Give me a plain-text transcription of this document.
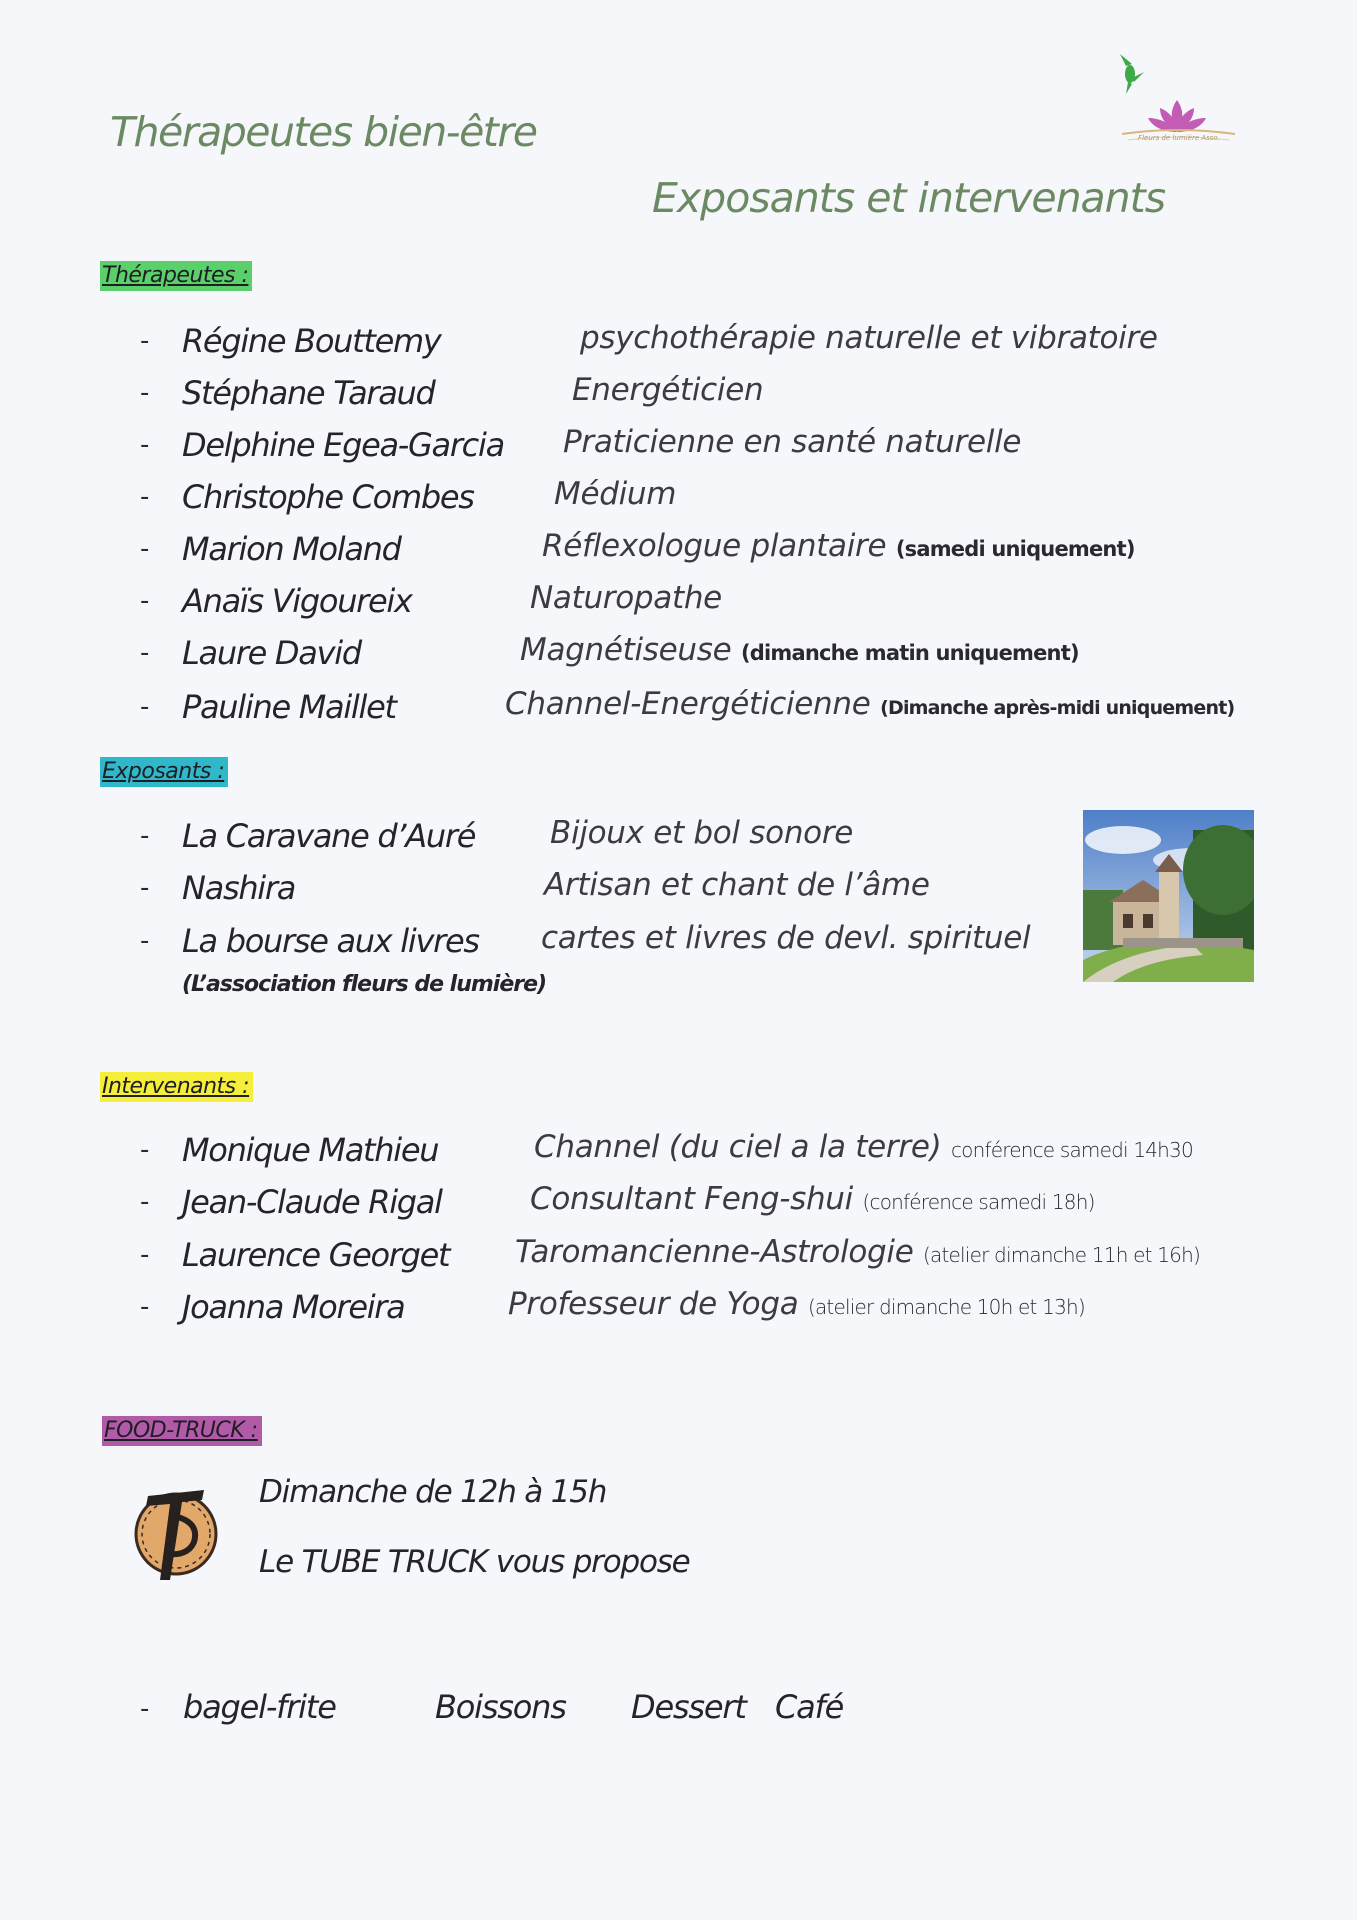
Thérapeutes bien-être
Exposants et intervenants
Fleurs de lumière Asso.
Thérapeutes :
- Régine Bouttemy	psychothérapie naturelle et vibratoire
- Stéphane Taraud	Energéticien
- Delphine Egea-Garcia Praticienne en santé naturelle
- Christophe Combes	Médium
- Marion Moland	Réflexologue plantaire (samedi uniquement)
- Anaïs Vigoureix	Naturopathe
- Laure David	Magnétiseuse (dimanche matin uniquement)
- Pauline Maillet	Channel-Energéticienne (Dimanche après-midi uniquement)
Exposants :
- La Caravane d’Auré Bijoux et bol sonore
- Nashira	Artisan et chant de l’âme
- La bourse aux livres cartes et livres de devl. spirituel
(L’association fleurs de lumière)
Intervenants :
- Monique Mathieu	Channel (du ciel a la terre) conférence samedi 14h30
- Jean-Claude Rigal	Consultant Feng-shui (conférence samedi 18h)
- Laurence Georget Taromancienne-Astrologie (atelier dimanche 11h et 16h)
- Joanna Moreira	Professeur de Yoga (atelier dimanche 10h et 13h)
FOOD-TRUCK :
Dimanche de 12h à 15h
Le TUBE TRUCK vous propose
- bagel-frite	Boissons Dessert Café
